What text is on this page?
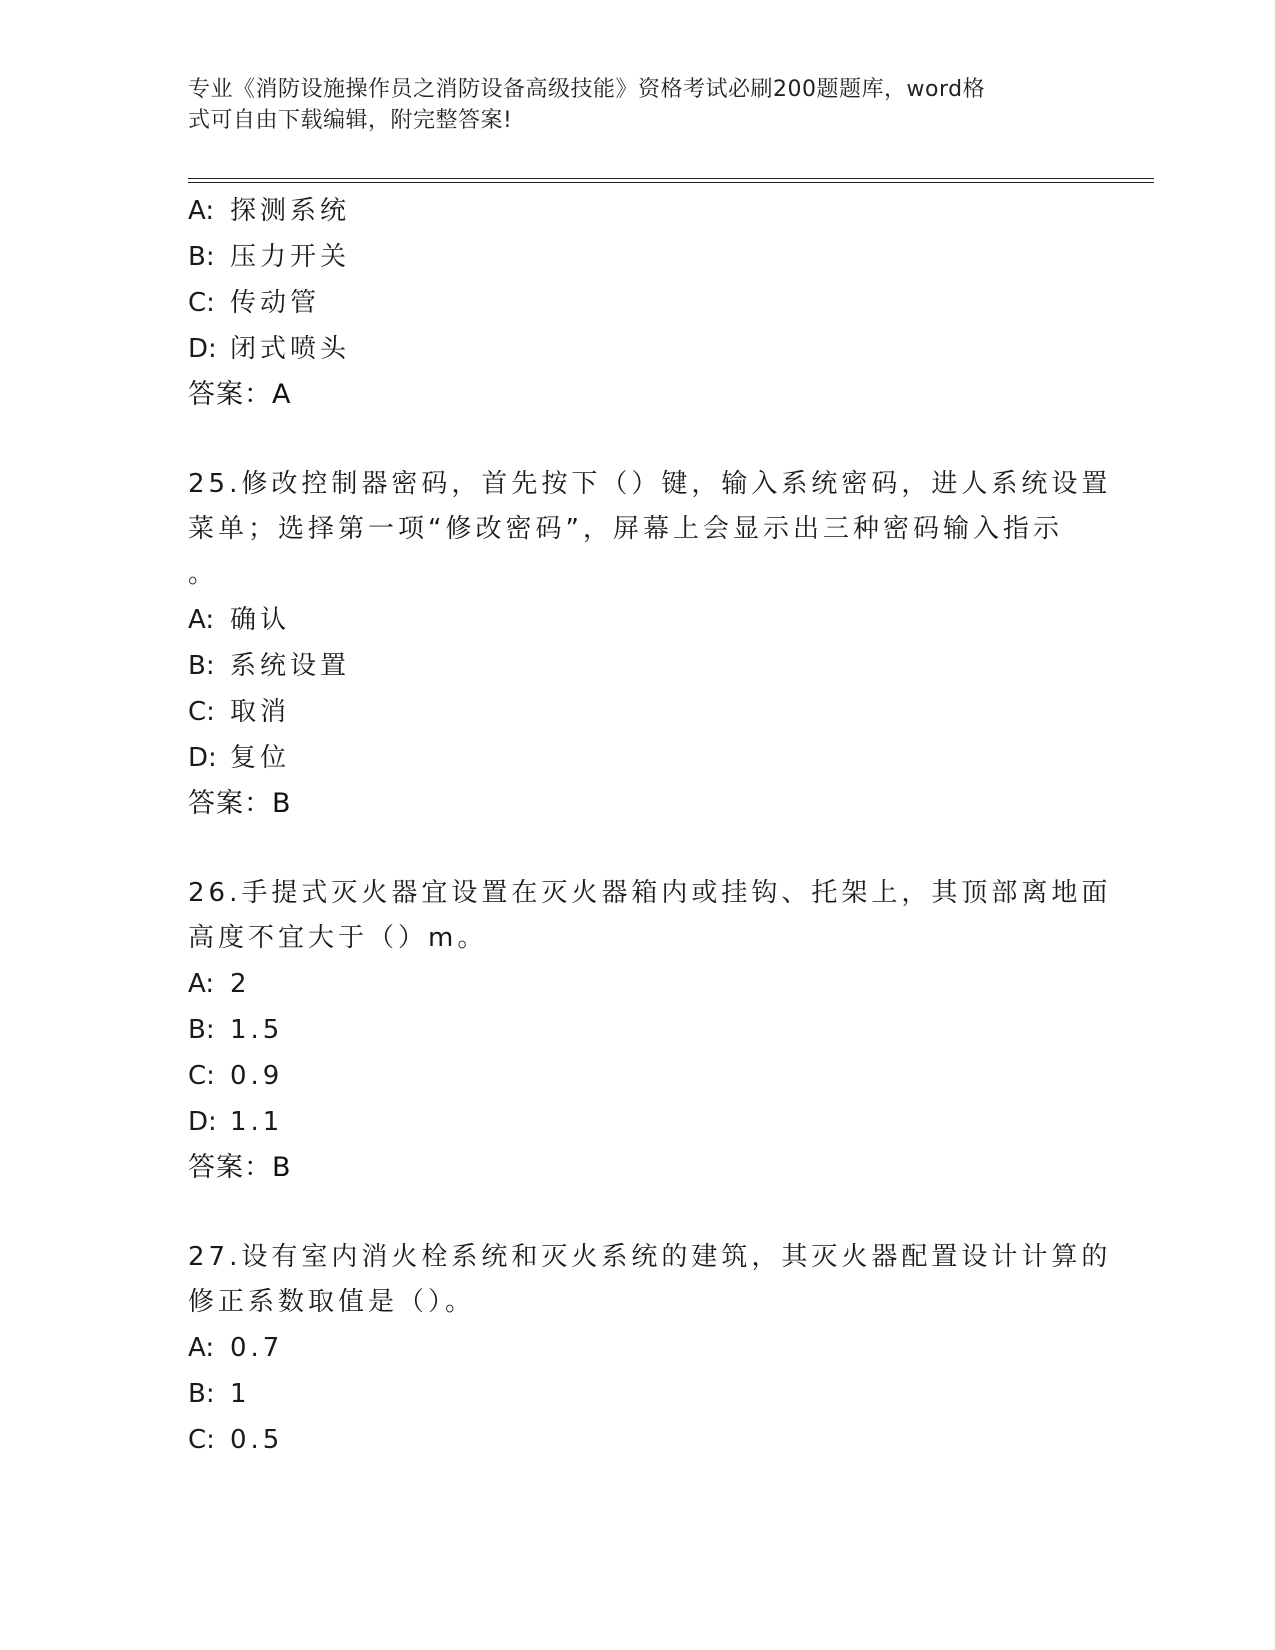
专业《消防设施操作员之消防设备高级技能》资格考试必刷200题题库，word格
式可自由下载编辑，附完整答案!
A: 探测系统
B: 压力开关
C: 传动管
D: 闭式喷头
答案：A
25.修改控制器密码，首先按下（）键，输入系统密码，进人系统设置
菜单；选择第一项“修改密码”，屏幕上会显示出三种密码输入指示
。
A: 确认
B: 系统设置
C: 取消
D: 复位
答案：B
26.手提式灭火器宜设置在灭火器箱内或挂钩、托架上，其顶部离地面
高度不宜大于（）m。
A: 2
B: 1.5
C: 0.9
D: 1.1
答案：B
27.设有室内消火栓系统和灭火系统的建筑，其灭火器配置设计计算的
修正系数取值是（）。
A: 0.7
B: 1
C: 0.5
